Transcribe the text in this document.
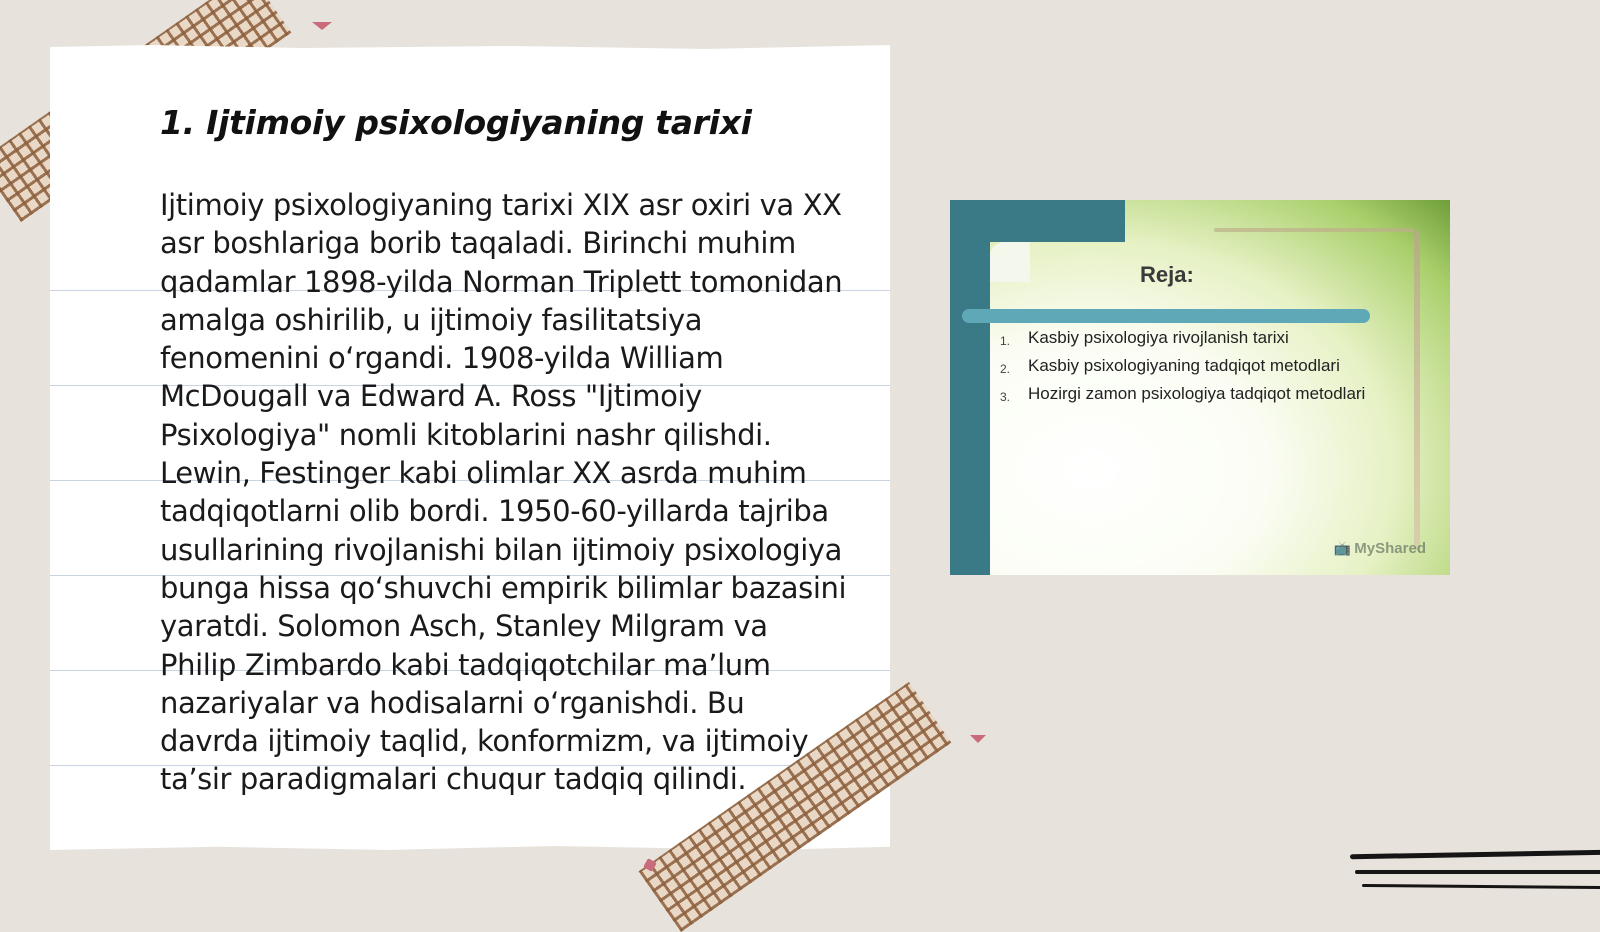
1. Ijtimoiy psixologiyaning tarixi

Ijtimoiy psixologiyaning tarixi XIX asr oxiri va XX asr boshlariga borib taqaladi. Birinchi muhim qadamlar 1898-yilda Norman Triplett tomonidan amalga oshirilib, u ijtimoiy fasilitatsiya fenomenini o‘rgandi. 1908-yilda William McDougall va Edward A. Ross "Ijtimoiy Psixologiya" nomli kitoblarini nashr qilishdi. Lewin, Festinger kabi olimlar XX asrda muhim tadqiqotlarni olib bordi. 1950-60-yillarda tajriba usullarining rivojlanishi bilan ijtimoiy psixologiya bunga hissa qo‘shuvchi empirik bilimlar bazasini yaratdi. Solomon Asch, Stanley Milgram va Philip Zimbardo kabi tadqiqotchilar ma’lum nazariyalar va hodisalarni o‘rganishdi. Bu davrda ijtimoiy taqlid, konformizm, va ijtimoiy ta’sir paradigmalari chuqur tadqiq qilindi.

Reja:
1. Kasbiy psixologiya rivojlanish tarixi
2. Kasbiy psixologiyaning tadqiqot metodlari
3. Hozirgi zamon psixologiya tadqiqot metodlari
📺 MyShared
